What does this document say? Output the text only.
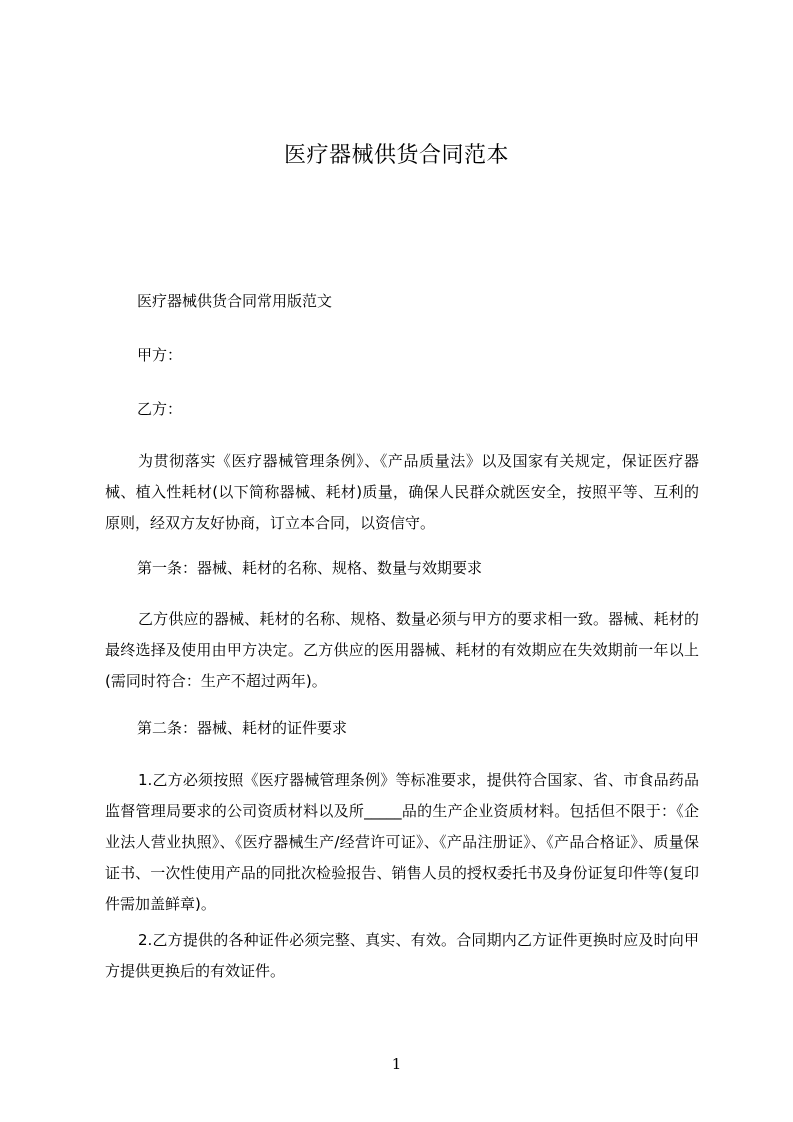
医疗器械供货合同范本
医疗器械供货合同常用版范文
甲方：
乙方：
为贯彻落实《医疗器械管理条例》、《产品质量法》以及国家有关规定，保证医疗器械、植入性耗材(以下简称器械、耗材)质量，确保人民群众就医安全，按照平等、互利的原则，经双方友好协商，订立本合同，以资信守。
第一条：器械、耗材的名称、规格、数量与效期要求
乙方供应的器械、耗材的名称、规格、数量必须与甲方的要求相一致。器械、耗材的最终选择及使用由甲方决定。乙方供应的医用器械、耗材的有效期应在失效期前一年以上(需同时符合：生产不超过两年)。
第二条：器械、耗材的证件要求
1.乙方必须按照《医疗器械管理条例》等标准要求，提供符合国家、省、市食品药品监督管理局要求的公司资质材料以及所_____品的生产企业资质材料。包括但不限于：《企业法人营业执照》、《医疗器械生产/经营许可证》、《产品注册证》、《产品合格证》、质量保证书、一次性使用产品的同批次检验报告、销售人员的授权委托书及身份证复印件等(复印件需加盖鲜章)。
2.乙方提供的各种证件必须完整、真实、有效。合同期内乙方证件更换时应及时向甲方提供更换后的有效证件。
1
